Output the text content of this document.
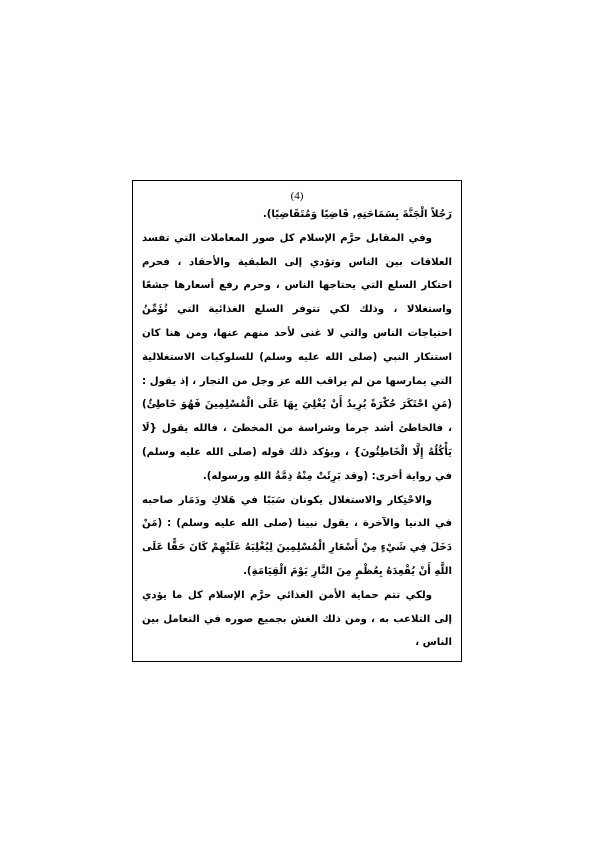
(4)

رَجُلاً الْجَنَّةَ بِسَمَاحَتِهِ, قَاضِيًا وَمُتَقَاضِيًا).

وفي المقابل حرَّم الإسلام كل صور المعاملات التي تفسد العلاقات بين الناس وتؤدي إلى الطبقية والأحقاد ، فحرم احتكار السلع التي يحتاجها الناس ، وحرم رفع أسعارها جشعًا واستغلالا ، وذلك لكي تتوفر السلع الغذائية التي تُؤَمِّنُ احتياجات الناس والتي لا غنى لأحد منهم عنها، ومن هنا كان استنكار النبي (صلى الله عليه وسلم) للسلوكيات الاستغلالية التي يمارسها من لم يراقب الله عز وجل من التجار ، إذ يقول : (مَنِ احْتَكَرَ حُكْرَةً يُرِيدُ أَنْ يُغْلِيَ بِهَا عَلَى الْمُسْلِمِينَ فَهُوَ خَاطِئٌ) ، فالخاطئ أشد جرما وشراسة من المخطئ ، فالله يقول {لَا يَأْكُلُهُ إِلَّا الْخَاطِئُونَ} ، ويؤكد ذلك قوله (صلى الله عليه وسلم) في رواية أخرى: (وقد بَرِئَتْ مِنْهُ ذِمَّةُ اللهِ ورسوله).

والاحْتِكار والاستغلال يكونان سَبَبًا في هَلاكِ ودَمَار صاحبه في الدنيا والآخرة ، يقول نبينا (صلى الله عليه وسلم) : (مَنْ دَخَلَ فِي شَيْءٍ مِنْ أَسْعَارِ الْمُسْلِمِينَ لِيُغْلِيَهُ عَلَيْهِمْ كَانَ حَقًّا عَلَى اللَّهِ أَنْ يُقْعِدَهُ بِعُظْمٍ مِنَ النَّارِ يَوْمَ الْقِيَامَةِ).

ولكي تتم حماية الأمن الغذائي حرَّم الإسلام كل ما يؤدي إلى التلاعب به ، ومن ذلك الغش بجميع صوره في التعامل بين الناس ،
